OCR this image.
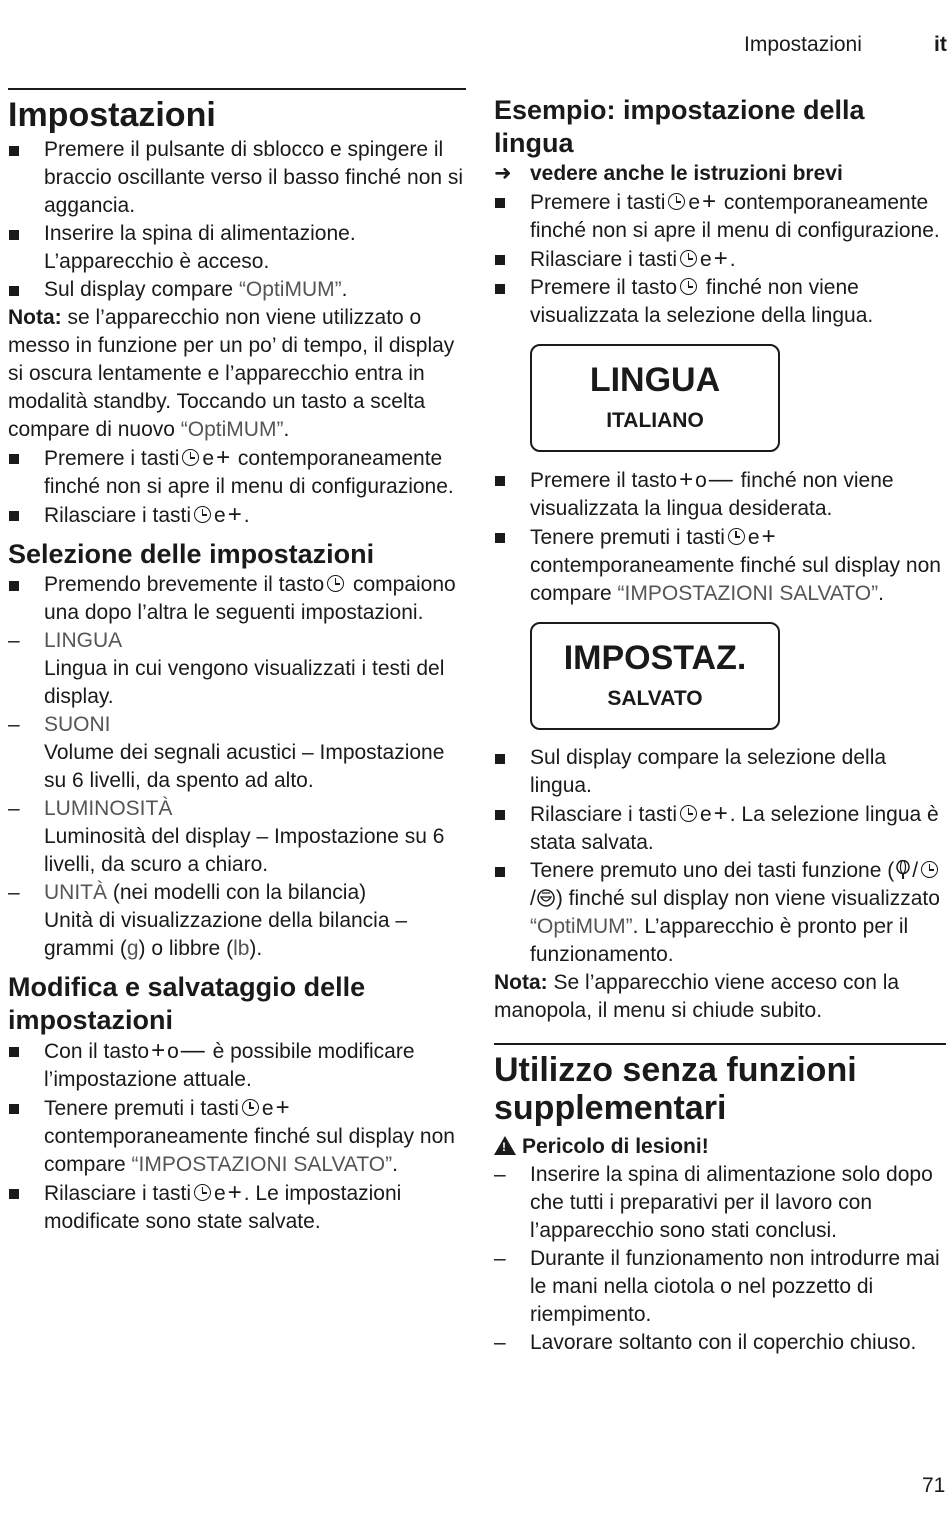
Impostazioni	it
Impostazioni
Premere il pulsante di sblocco e spingere il braccio oscillante verso il basso finché non si aggancia.
Inserire la spina di alimentazione. L’apparecchio è acceso.
Sul display compare “OptiMUM”.

Nota: se l’apparecchio non viene utilizzato o messo in funzione per un po’ di tempo, il display si oscura lentamente e l’apparecchio entra in modalità standby. Toccando un tasto a scelta compare di nuovo “OptiMUM”.

Premere i tasti e+ contemporaneamente finché non si apre il menu di configurazione.
Rilasciare i tasti e+.
Selezione delle impostazioni
Premendo brevemente il tasto compaiono una dopo l’altra le seguenti impostazioni.
– LINGUA
Lingua in cui vengono visualizzati i testi del display.
– SUONI
Volume dei segnali acustici – Impostazione su 6 livelli, da spento ad alto.
– LUMINOSITÀ
Luminosità del display – Impostazione su 6 livelli, da scuro a chiaro.
– UNITÀ (nei modelli con la bilancia)
Unità di visualizzazione della bilancia – grammi (g) o libbre (lb).
Modifica e salvataggio delle impostazioni
Con il tasto+o— è possibile modificare l’impostazione attuale.
Tenere premuti i tasti e+ contemporaneamente finché sul display non compare “IMPOSTAZIONI SALVATO”.
Rilasciare i tasti e+. Le impostazioni modificate sono state salvate.
Esempio: impostazione della lingua
➜ vedere anche le istruzioni brevi
Premere i tasti e+ contemporaneamente finché non si apre il menu di configurazione.
Rilasciare i tasti e+.
Premere il tasto finché non viene visualizzata la selezione della lingua.
LINGUA
ITALIANO
Premere il tasto+o— finché non viene visualizzata la lingua desiderata.
Tenere premuti i tasti e+ contemporaneamente finché sul display non compare “IMPOSTAZIONI SALVATO”.
IMPOSTAZ.
SALVATO
Sul display compare la selezione della lingua.
Rilasciare i tasti e+. La selezione lingua è stata salvata.
Tenere premuto uno dei tasti funzione ( // ) finché sul display non viene visualizzato “OptiMUM”. L’apparecchio è pronto per il funzionamento.

Nota: Se l’apparecchio viene acceso con la manopola, il menu si chiude subito.

Utilizzo senza funzioni supplementari
!Pericolo di lesioni!
– Inserire la spina di alimentazione solo dopo che tutti i preparativi per il lavoro con l’apparecchio sono stati conclusi.
– Durante il funzionamento non introdurre mai le mani nella ciotola o nel pozzetto di riempimento.
– Lavorare soltanto con il coperchio chiuso.
71
